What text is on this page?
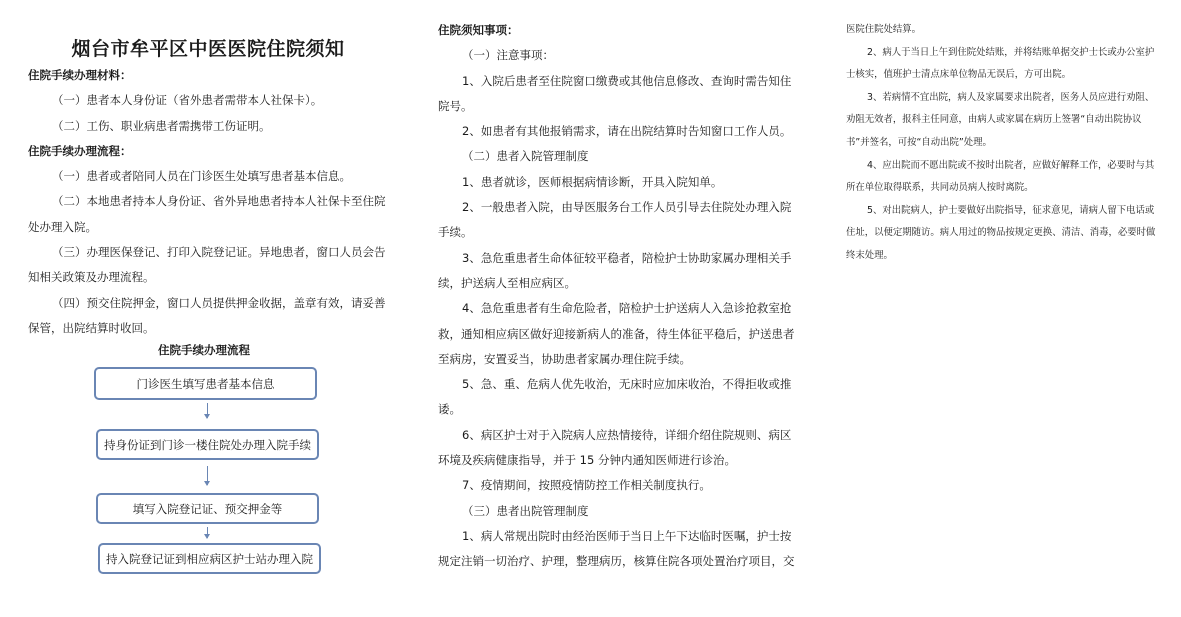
烟台市牟平区中医医院住院须知

住院手续办理材料：

（一）患者本人身份证（省外患者需带本人社保卡）。

（二）工伤、职业病患者需携带工伤证明。

住院手续办理流程：

（一）患者或者陪同人员在门诊医生处填写患者基本信息。

（二）本地患者持本人身份证、省外异地患者持本人社保卡至住院处办理入院。

（三）办理医保登记、打印入院登记证。异地患者，窗口人员会告知相关政策及办理流程。

（四）预交住院押金，窗口人员提供押金收据，盖章有效，请妥善保管，出院结算时收回。

住院手续办理流程
门诊医生填写患者基本信息
持身份证到门诊一楼住院处办理入院手续
填写入院登记证、预交押金等
持入院登记证到相应病区护士站办理入院

住院须知事项：

（一）注意事项：

1、入院后患者至住院窗口缴费或其他信息修改、查询时需告知住院号。

2、如患者有其他报销需求，请在出院结算时告知窗口工作人员。

（二）患者入院管理制度

1、患者就诊，医师根据病情诊断，开具入院知单。

2、一般患者入院，由导医服务台工作人员引导去住院处办理入院手续。

3、急危重患者生命体征较平稳者，陪检护士协助家属办理相关手续，护送病人至相应病区。

4、急危重患者有生命危险者，陪检护士护送病人入急诊抢救室抢救，通知相应病区做好迎接新病人的准备，待生体征平稳后，护送患者至病房，安置妥当，协助患者家属办理住院手续。

5、急、重、危病人优先收治，无床时应加床收治，不得拒收或推诿。

6、病区护士对于入院病人应热情接待，详细介绍住院规则、病区环境及疾病健康指导，并于 15 分钟内通知医师进行诊治。

7、疫情期间，按照疫情防控工作相关制度执行。

（三）患者出院管理制度

1、病人常规出院时由经治医师于当日上午下达临时医嘱，护士按规定注销一切治疗、护理，整理病历，核算住院各项处置治疗项目，交

医院住院处结算。

2、病人于当日上午到住院处结账，并将结账单据交护士长或办公室护士核实，值班护士清点床单位物品无误后，方可出院。

3、若病情不宜出院，病人及家属要求出院者，医务人员应进行劝阻、劝阻无效者，报科主任同意，由病人或家属在病历上签署“自动出院协议书”并签名，可按“自动出院”处理。

4、应出院而不愿出院或不按时出院者，应做好解释工作，必要时与其所在单位取得联系，共同动员病人按时离院。

5、对出院病人，护士要做好出院指导，征求意见，请病人留下电话或住址，以便定期随访。病人用过的物品按规定更换、清洁、消毒，必要时做终末处理。
